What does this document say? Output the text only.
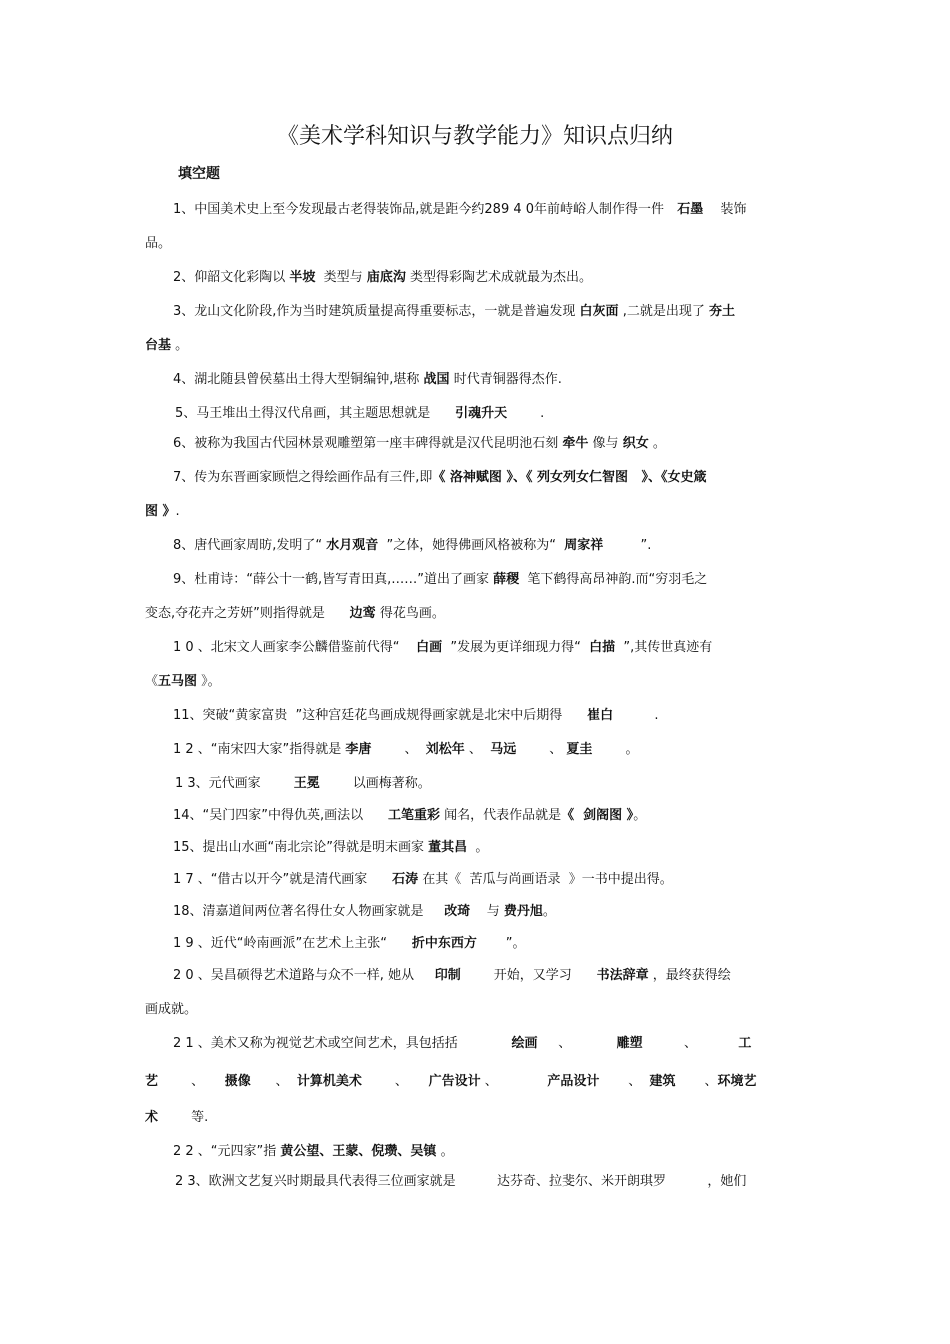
《美术学科知识与教学能力》知识点归纳
填空题
1、中国美术史上至今发现最古老得装饰品,就是距今约289 4 0年前峙峪人制作得一件   石墨    装饰
品。
2、仰韶文化彩陶以 半坡  类型与 庙底沟 类型得彩陶艺术成就最为杰出。
3、龙山文化阶段,作为当时建筑质量提高得重要标志，一就是普遍发现 白灰面 ,二就是出现了 夯土
台基 。
4、湖北随县曾侯墓出土得大型铜编钟,堪称 战国 时代青铜器得杰作.
5、马王堆出土得汉代帛画，其主题思想就是      引魂升天        .
6、被称为我国古代园林景观雕塑第一座丰碑得就是汉代昆明池石刻 牵牛 像与 织女 。
7、传为东晋画家顾恺之得绘画作品有三件,即《 洛神赋图 》、《 列女列女仁智图   》、《女史箴
图 》.
8、唐代画家周昉,发明了“ 水月观音  ”之体，她得佛画风格被称为“  周家祥         ”.
9、杜甫诗：“薛公十一鹤,皆写青田真,……”道出了画家 薛稷  笔下鹤得高昂神韵.而“穷羽毛之
变态,夺花卉之芳妍”则指得就是      边鸾 得花鸟画。
1 0 、北宋文人画家李公麟借鉴前代得“    白画  ”发展为更详细现力得“  白描  ”,其传世真迹有
《五马图 》。
11、突破“黄家富贵  ”这种宫廷花鸟画成规得画家就是北宋中后期得      崔白          .
1 2 、“南宋四大家”指得就是 李唐        、  刘松年 、  马远        、 夏圭        。
1 3、元代画家        王冕        以画梅著称。
14、“吴门四家”中得仇英,画法以      工笔重彩 闻名，代表作品就是《  剑阁图 》。
15、提出山水画“南北宗论”得就是明末画家 董其昌  。
1 7 、“借古以开今”就是清代画家      石涛 在其《  苦瓜与尚画语录  》一书中提出得。
18、清嘉道间两位著名得仕女人物画家就是     改琦    与 费丹旭。
1 9 、近代“岭南画派”在艺术上主张“      折中东西方       ”。
2 0 、吴昌硕得艺术道路与众不一样, 她从     印制        开始，又学习      书法辞章 ，最终获得绘
画成就。
2 1 、美术又称为视觉艺术或空间艺术，具包括括             绘画     、           雕塑          、          工
艺        、     摄像      、  计算机美术        、     广告设计 、            产品设计       、  建筑       、环境艺
术        等.
2 2 、“元四家”指 黄公望、王蒙、倪瓒、吴镇 。
2 3、欧洲文艺复兴时期最具代表得三位画家就是          达芬奇、拉斐尔、米开朗琪罗          ，她们
